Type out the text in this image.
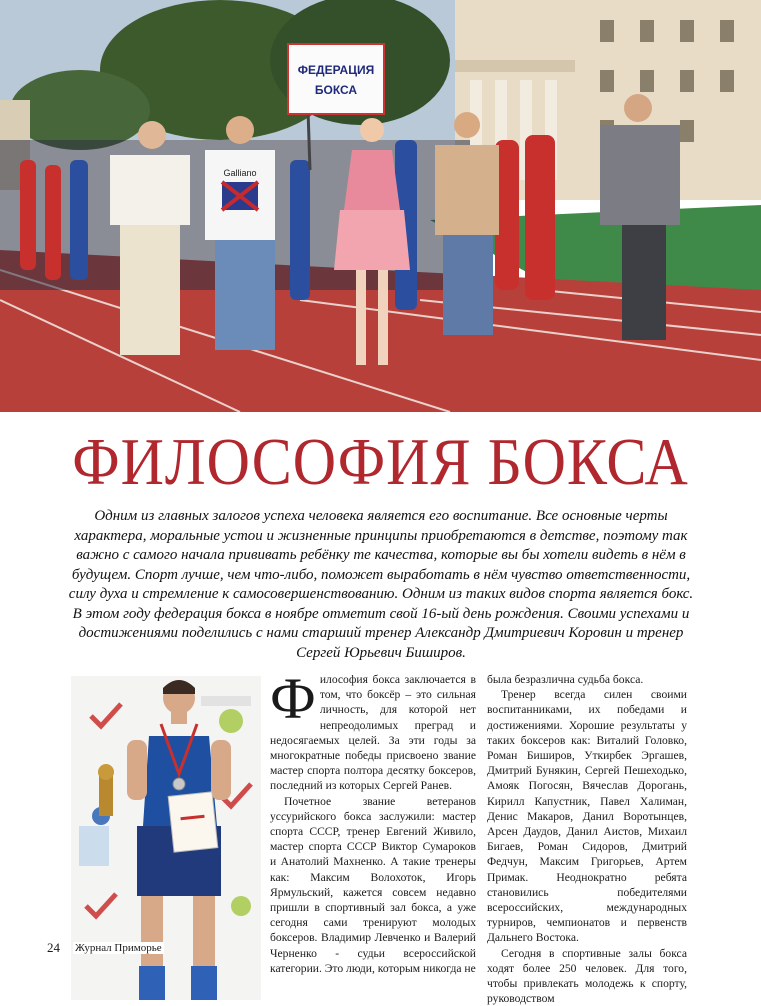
ФЕДЕРАЦИЯ
БОКСА
Galliano
ФИЛОСОФИЯ БОКСА

Одним из главных залогов успеха человека является его воспитание. Все основные черты характера, моральные устои и жизненные принципы приобретаются в детстве, поэтому так важно с самого начала прививать ребёнку те качества, которые вы бы хотели видеть в нём в будущем. Спорт лучше, чем что-либо, поможет выработать в нём чувство ответственности, силу духа и стремление к самосовершенствованию. Одним из таких видов спорта является бокс. В этом году федерация бокса в ноябре отметит свой 16-ый день рождения. Своими успехами и достижениями поделились с нами старший тренер Александр Дмитриевич Коровин и тренер Сергей Юрьевич Биширов.

Философия бокса заключается в том, что боксёр – это сильная личность, для которой нет непреодолимых преград и недосягаемых целей. За эти годы за многократные победы присвоено звание мастер спорта полтора десятку боксеров, последний из которых Сергей Ранев.

Почетное звание ветеранов уссурийского бокса заслужили: мастер спорта СССР, тренер Евгений Живило, мастер спорта СССР Виктор Сумароков и Анатолий Махненко. А такие тренеры как: Максим Волохоток, Игорь Ярмульский, кажется совсем недавно пришли в спортивный зал бокса, а уже сегодня сами тренируют молодых боксеров. Владимир Левченко и Валерий Черненко - судьи всероссийской категории. Это люди, которым никогда не

была безразлична судьба бокса.

Тренер всегда силен своими воспитанниками, их победами и достижениями. Хорошие результаты у таких боксеров как: Виталий Головко, Роман Биширов, Уткирбек Эргашев, Дмитрий Бунякин, Сергей Пешеходько, Амояк Погосян, Вячеслав Дорогань, Кирилл Капустник, Павел Халиман, Денис Макаров, Данил Воротынцев, Арсен Даудов, Данил Аистов, Михаил Бигаев, Роман Сидоров, Дмитрий Федчун, Максим Григорьев, Артем Примак. Неоднократно ребята становились победителями всероссийских, международных турниров, чемпионатов и первенств Дальнего Востока.

Сегодня в спортивные залы бокса ходят более 250 человек. Для того, чтобы привлекать молодежь к спорту, руководством

24 Журнал Приморье
